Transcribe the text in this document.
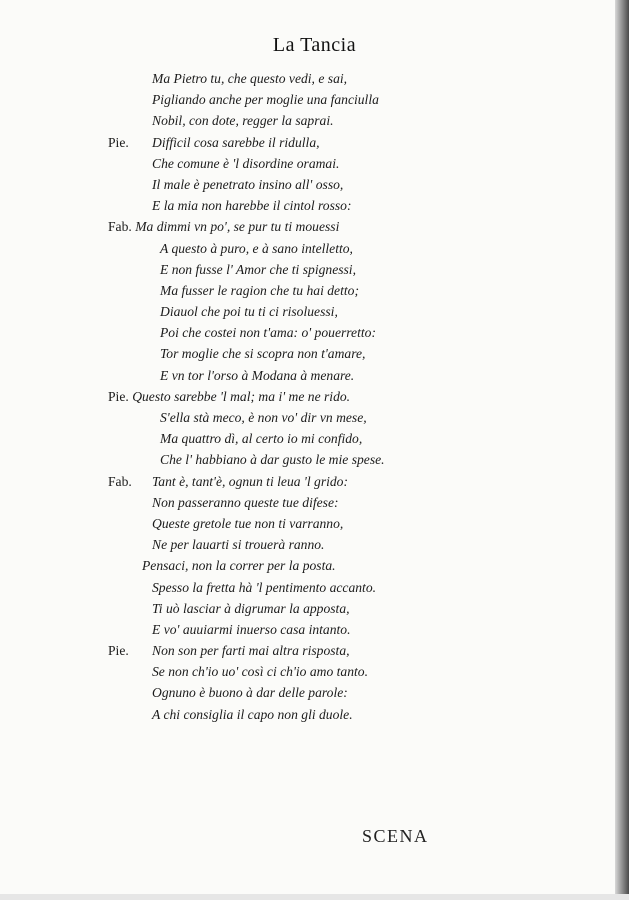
La Tancia
Ma Pietro tu, che questo vedi, e sai,
Pigliando anche per moglie una fanciulla
Nobil, con dote, regger la saprai.
Pie. Difficil cosa sarebbe il ridulla,
Che comune è 'l disordine oramai.
Il male è penetrato insino all' osso,
E la mia non harebbe il cintol rosso:
Fab. Ma dimmi vn po', se pur tu ti mouessi
A questo à puro, e à sano intelletto,
E non fusse l' Amor che ti spignessi,
Ma fusser le ragion che tu hai detto;
Diauol che poi tu ti ci risoluessi,
Poi che costei non t'ama: o' pouerretto:
Tor moglie che si scopra non t'amare,
E vn tor l'orso à Modana à menare.
Pie. Questo sarebbe 'l mal; ma i' me ne rido.
S'ella stà meco, è non vo' dir vn mese,
Ma quattro dì, al certo io mi confido,
Che l' habbiano à dar gusto le mie spese.
Fab. Tant è, tant'è, ognun ti leua 'l grido:
Non passeranno queste tue difese:
Queste gretole tue non ti varranno,
Ne per lauarti si trouerà ranno.
Pensaci, non la correr per la posta.
Spesso la fretta hà 'l pentimento accanto.
Ti uò lasciar à digrumar la apposta,
E vo' auuiarmi inuerso casa intanto.
Pie. Non son per farti mai altra risposta,
Se non ch'io uo' così ci ch'io amo tanto.
Ognuno è buono à dar delle parole:
A chi consiglia il capo non gli duole.
SCENA
